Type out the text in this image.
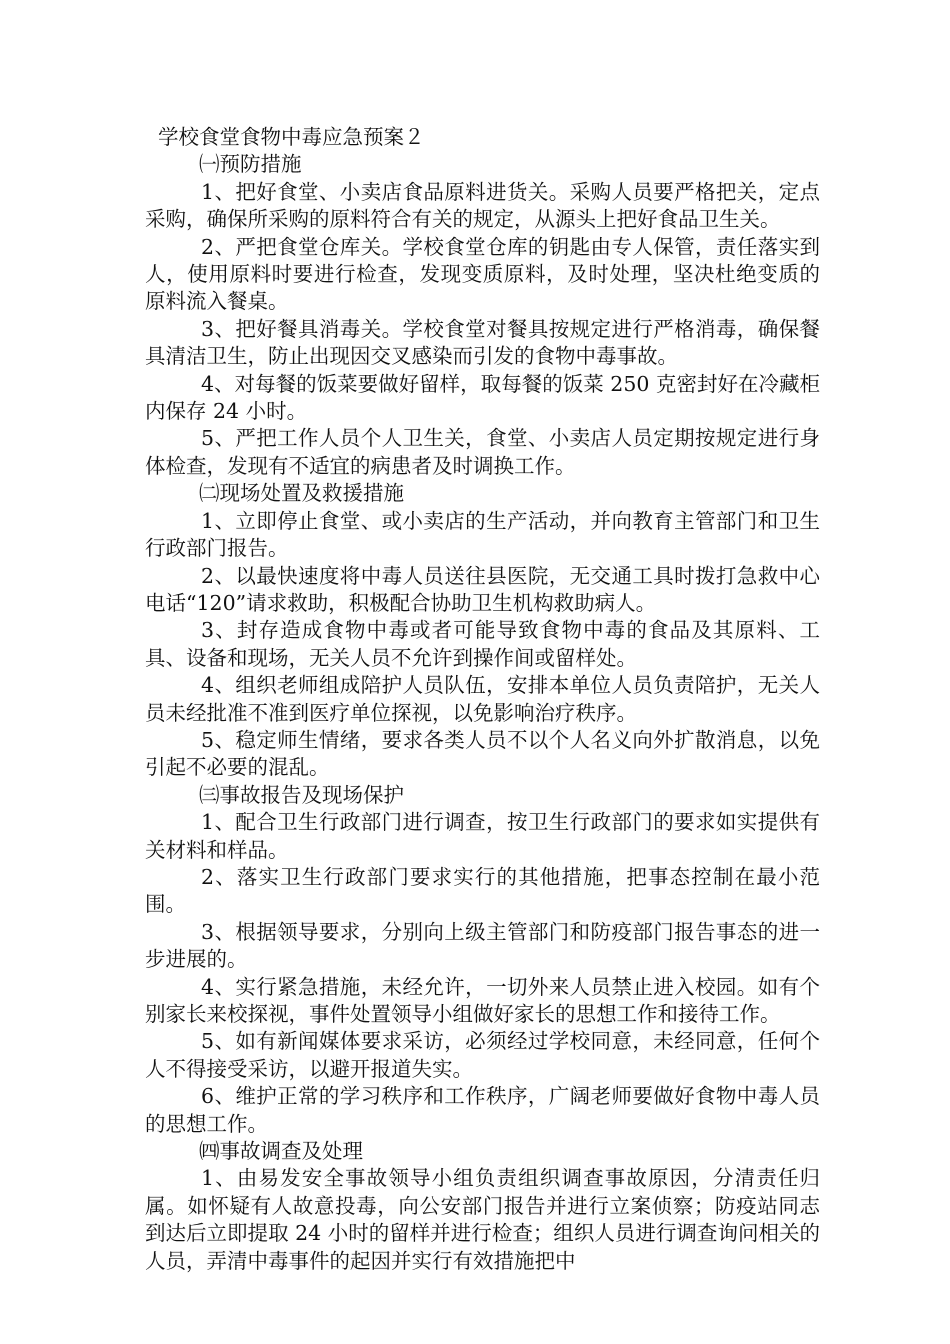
学校食堂食物中毒应急预案２
㈠预防措施

1、把好食堂、小卖店食品原料进货关。采购人员要严格把关，定点采购，确保所采购的原料符合有关的规定，从源头上把好食品卫生关。

2、严把食堂仓库关。学校食堂仓库的钥匙由专人保管，责任落实到人，使用原料时要进行检查，发现变质原料，及时处理，坚决杜绝变质的原料流入餐桌。

3、把好餐具消毒关。学校食堂对餐具按规定进行严格消毒，确保餐具清洁卫生，防止出现因交叉感染而引发的食物中毒事故。

4、对每餐的饭菜要做好留样，取每餐的饭菜 250 克密封好在冷藏柜内保存 24 小时。

5、严把工作人员个人卫生关，食堂、小卖店人员定期按规定进行身体检查，发现有不适宜的病患者及时调换工作。

㈡现场处置及救援措施

1、立即停止食堂、或小卖店的生产活动，并向教育主管部门和卫生行政部门报告。

2、以最快速度将中毒人员送往县医院，无交通工具时拨打急救中心电话“120”请求救助，积极配合协助卫生机构救助病人。

3、封存造成食物中毒或者可能导致食物中毒的食品及其原料、工具、设备和现场，无关人员不允许到操作间或留样处。

4、组织老师组成陪护人员队伍，安排本单位人员负责陪护，无关人员未经批准不准到医疗单位探视，以免影响治疗秩序。

5、稳定师生情绪，要求各类人员不以个人名义向外扩散消息，以免引起不必要的混乱。

㈢事故报告及现场保护

1、配合卫生行政部门进行调查，按卫生行政部门的要求如实提供有关材料和样品。

2、落实卫生行政部门要求实行的其他措施，把事态控制在最小范围。

3、根据领导要求，分别向上级主管部门和防疫部门报告事态的进一步进展的。

4、实行紧急措施，未经允许，一切外来人员禁止进入校园。如有个别家长来校探视，事件处置领导小组做好家长的思想工作和接待工作。

5、如有新闻媒体要求采访，必须经过学校同意，未经同意，任何个人不得接受采访，以避开报道失实。

6、维护正常的学习秩序和工作秩序，广阔老师要做好食物中毒人员的思想工作。

㈣事故调查及处理

1、由易发安全事故领导小组负责组织调查事故原因，分清责任归属。如怀疑有人故意投毒，向公安部门报告并进行立案侦察；防疫站同志到达后立即提取 24 小时的留样并进行检查；组织人员进行调查询问相关的人员，弄清中毒事件的起因并实行有效措施把中
